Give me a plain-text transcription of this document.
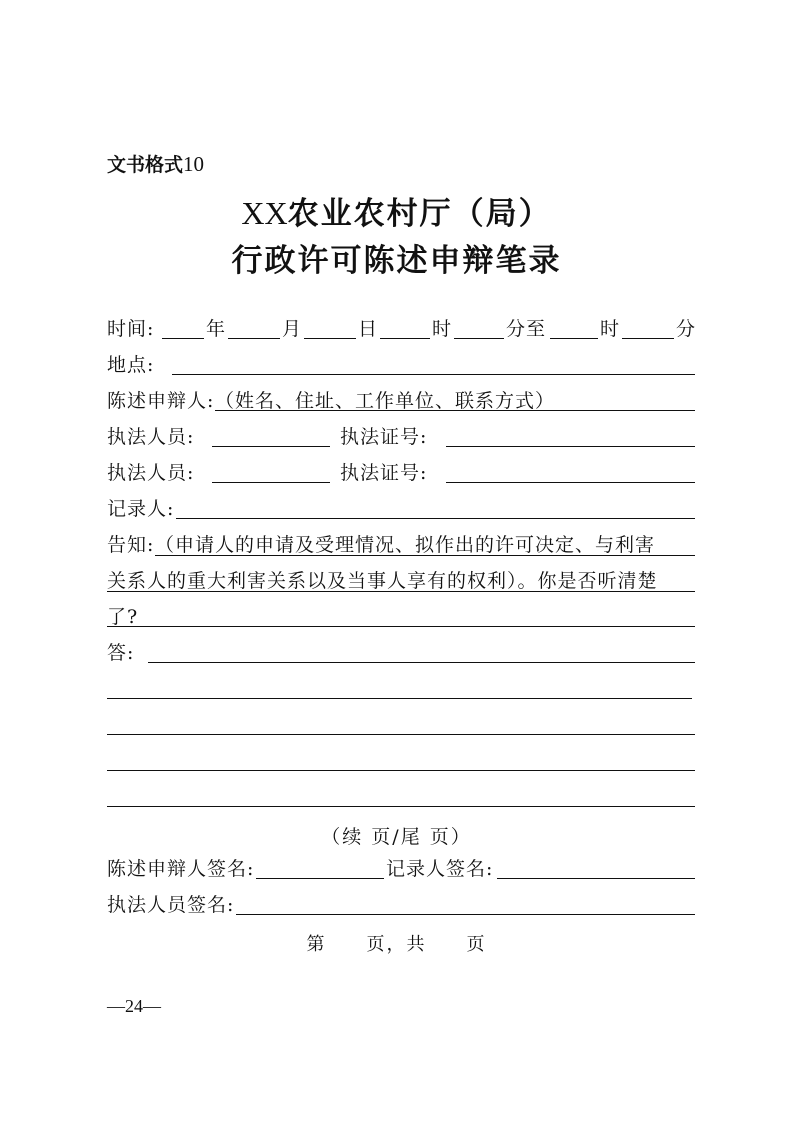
文书格式10
XX农业农村厅（局）
行政许可陈述申辩笔录
时间:	年	月	日	时	分至	时	分
地点:
陈述申辩人: （姓名、住址、工作单位、联系方式）
执法人员:	执法证号:
执法人员:	执法证号:
记录人:
告知: （申请人的申请及受理情况、拟作出的许可决定、与利害
关系人的重大利害关系以及当事人享有的权利）。你是否听清楚
了?
答:
（续 页/尾 页）
陈述申辩人签名:	记录人签名:
执法人员签名:
第　　页，共　　页
—24—
